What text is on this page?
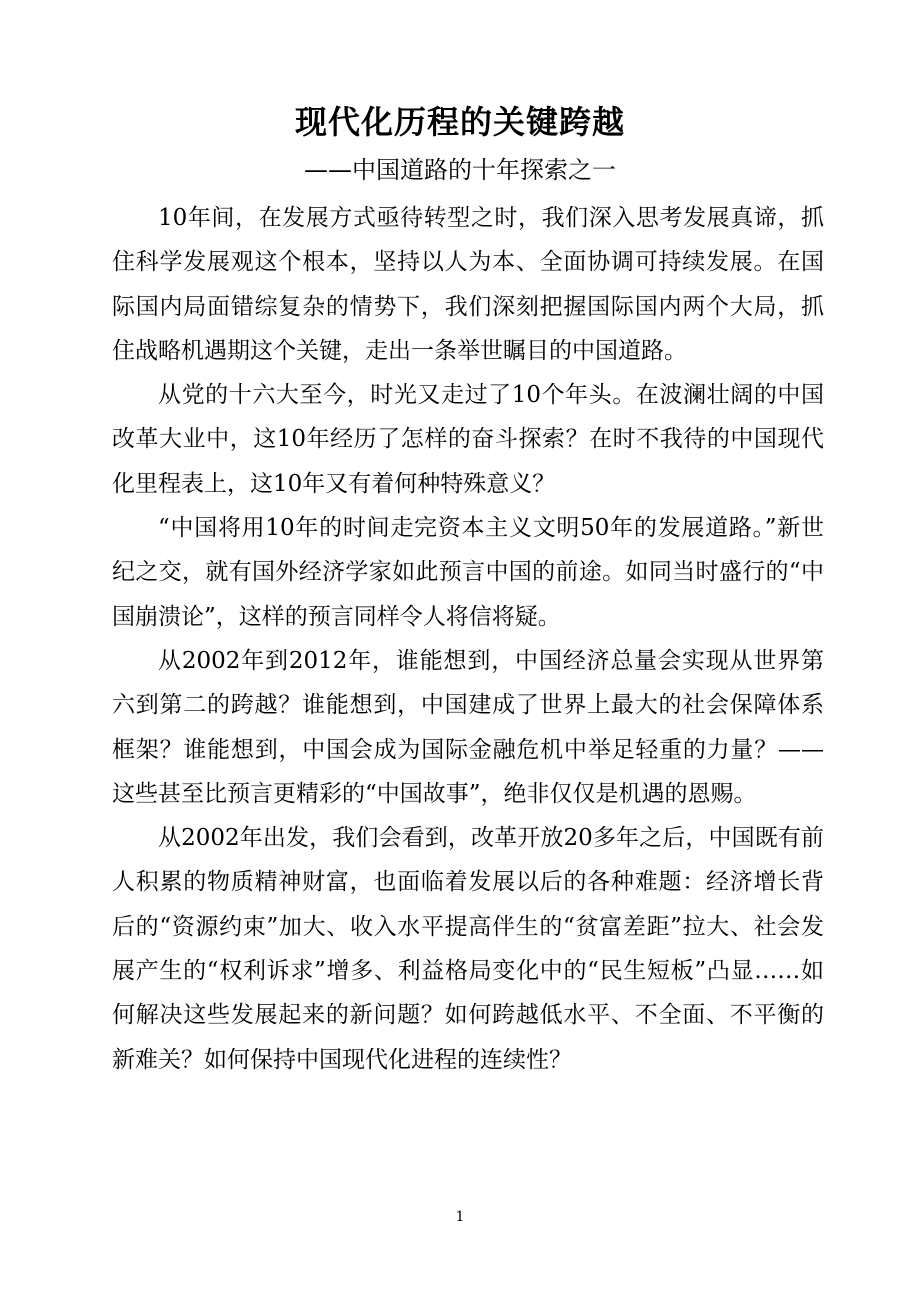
现代化历程的关键跨越
——中国道路的十年探索之一

10年间，在发展方式亟待转型之时，我们深入思考发展真谛，抓住科学发展观这个根本，坚持以人为本、全面协调可持续发展。在国际国内局面错综复杂的情势下，我们深刻把握国际国内两个大局，抓住战略机遇期这个关键，走出一条举世瞩目的中国道路。

从党的十六大至今，时光又走过了10个年头。在波澜壮阔的中国改革大业中，这10年经历了怎样的奋斗探索？在时不我待的中国现代化里程表上，这10年又有着何种特殊意义？

“中国将用10年的时间走完资本主义文明50年的发展道路。”新世纪之交，就有国外经济学家如此预言中国的前途。如同当时盛行的“中国崩溃论”，这样的预言同样令人将信将疑。

从2002年到2012年，谁能想到，中国经济总量会实现从世界第六到第二的跨越？谁能想到，中国建成了世界上最大的社会保障体系框架？谁能想到，中国会成为国际金融危机中举足轻重的力量？——这些甚至比预言更精彩的“中国故事”，绝非仅仅是机遇的恩赐。

从2002年出发，我们会看到，改革开放20多年之后，中国既有前人积累的物质精神财富，也面临着发展以后的各种难题：经济增长背后的“资源约束”加大、收入水平提高伴生的“贫富差距”拉大、社会发展产生的“权利诉求”增多、利益格局变化中的“民生短板”凸显……如何解决这些发展起来的新问题？如何跨越低水平、不全面、不平衡的新难关？如何保持中国现代化进程的连续性？

1
